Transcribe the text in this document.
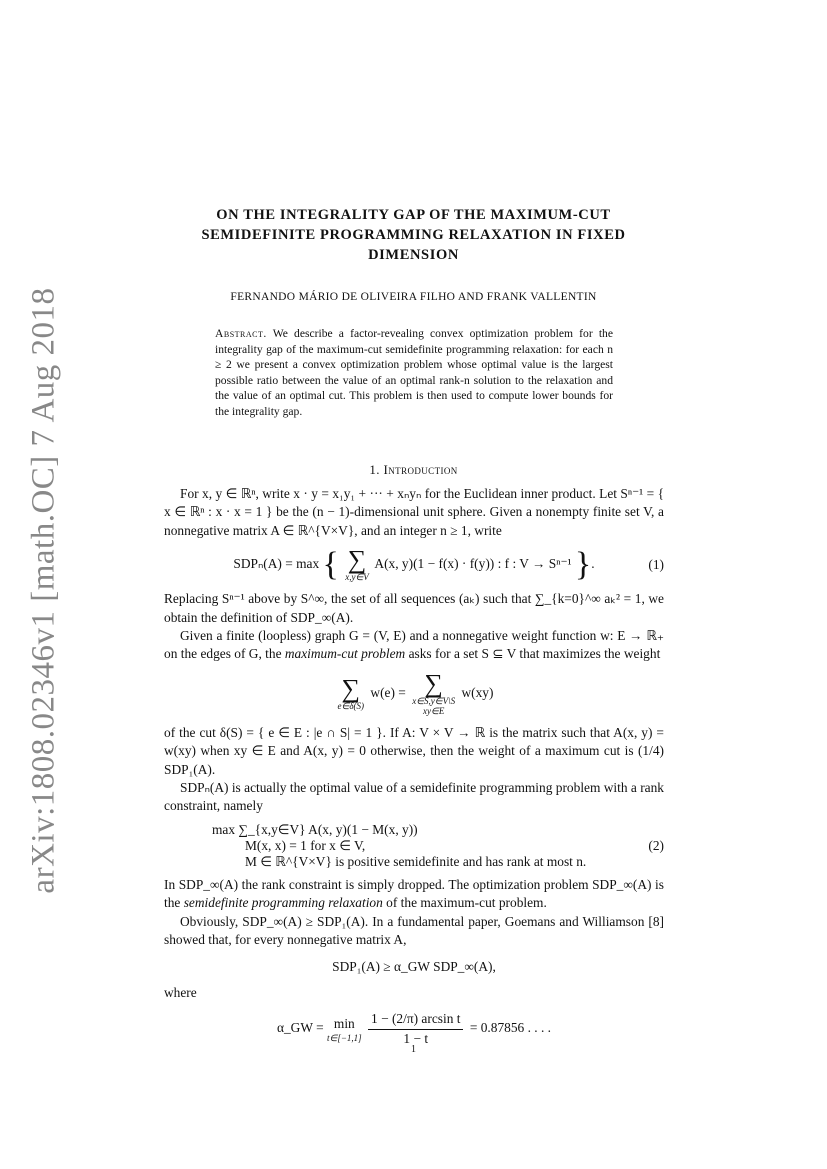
arXiv:1808.02346v1 [math.OC] 7 Aug 2018
ON THE INTEGRALITY GAP OF THE MAXIMUM-CUT
SEMIDEFINITE PROGRAMMING RELAXATION IN FIXED
DIMENSION
FERNANDO MÁRIO DE OLIVEIRA FILHO AND FRANK VALLENTIN
Abstract. We describe a factor-revealing convex optimization problem for the integrality gap of the maximum-cut semidefinite programming relaxation: for each n ≥ 2 we present a convex optimization problem whose optimal value is the largest possible ratio between the value of an optimal rank-n solution to the relaxation and the value of an optimal cut. This problem is then used to compute lower bounds for the integrality gap.
1. Introduction

For x, y ∈ ℝⁿ, write x · y = x₁y₁ + ··· + xₙyₙ for the Euclidean inner product. Let Sⁿ⁻¹ = { x ∈ ℝⁿ : x · x = 1 } be the (n − 1)-dimensional unit sphere. Given a nonempty finite set V, a nonnegative matrix A ∈ ℝ^{V×V}, and an integer n ≥ 1, write

SDPₙ(A) = max { ∑
x,y∈V
A(x, y)(1 − f(x) · f(y)) : f : V → Sⁿ⁻¹ }.	(1)

Replacing Sⁿ⁻¹ above by S^∞, the set of all sequences (aₖ) such that ∑_{k=0}^∞ aₖ² = 1, we obtain the definition of SDP_∞(A).

Given a finite (loopless) graph G = (V, E) and a nonnegative weight function w: E → ℝ₊ on the edges of G, the maximum-cut problem asks for a set S ⊆ V that maximizes the weight

∑
e∈δ(S)
w(e) = ∑
x∈S,y∈V\S
xy∈E
w(xy)

of the cut δ(S) = { e ∈ E : |e ∩ S| = 1 }. If A: V × V → ℝ is the matrix such that A(x, y) = w(xy) when xy ∈ E and A(x, y) = 0 otherwise, then the weight of a maximum cut is (1/4) SDP₁(A).

SDPₙ(A) is actually the optimal value of a semidefinite programming problem with a rank constraint, namely

max ∑_{x,y∈V} A(x, y)(1 − M(x, y))
M(x, x) = 1 for x ∈ V,
M ∈ ℝ^{V×V} is positive semidefinite and has rank at most n.
(2)

In SDP_∞(A) the rank constraint is simply dropped. The optimization problem SDP_∞(A) is the semidefinite programming relaxation of the maximum-cut problem.

Obviously, SDP_∞(A) ≥ SDP₁(A). In a fundamental paper, Goemans and Williamson [8] showed that, for every nonnegative matrix A,

SDP₁(A) ≥ α_GW SDP_∞(A),

where

α_GW = min
t∈[−1,1]
$\frac{\text{1 − (2/π) arcsin t}}{1 - t} = 0.87856$ . . . .
1
